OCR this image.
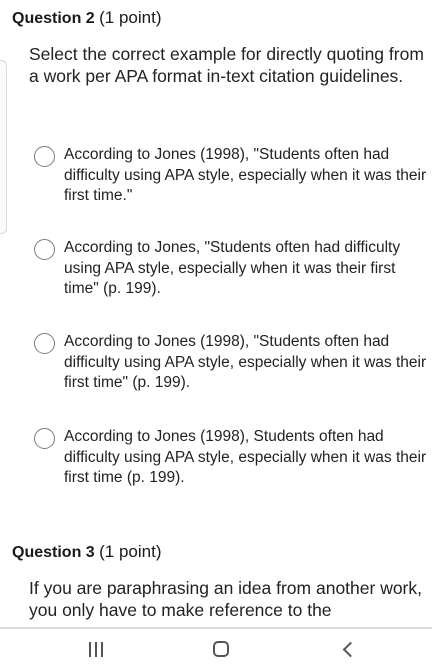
Question 2 (1 point)
Select the correct example for directly quoting from a work per APA format in-text citation guidelines.
According to Jones (1998), "Students often had difficulty using APA style, especially when it was their first time."
According to Jones, "Students often had difficulty using APA style, especially when it was their first time" (p. 199).
According to Jones (1998), "Students often had difficulty using APA style, especially when it was their first time" (p. 199).
According to Jones (1998), Students often had difficulty using APA style, especially when it was their first time (p. 199).
Question 3 (1 point)
If you are paraphrasing an idea from another work, you only have to make reference to the
